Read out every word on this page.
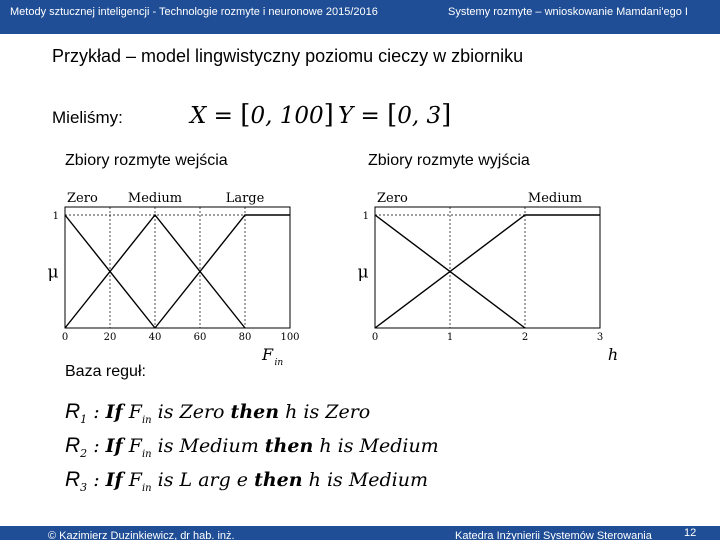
Metody sztucznej inteligencji - Technologie rozmyte i neuronowe 2015/2016	Systemy rozmyte – wnioskowanie Mamdani'ego I
Przykład – model lingwistyczny poziomu cieczy w zbiorniku
Mieliśmy:	X = [0, 100] Y = [0, 3]
Zbiory rozmyte wejścia	Zbiory rozmyte wyjścia
0	20	40	60	80	100
1
μ
F in
Zero Medium	Large
0	1	2	3
1
μ
h
Zero	Medium
Baza reguł:
$R_1$ : If $F_{in}$ is Zero then h is Zero
$R_2$ : If $F_{in}$ is Medium then h is Medium
$R_3$ : If $F_{in}$ is L arg e then h is Medium
© Kazimierz Duzinkiewicz, dr hab. inż.	Katedra Inżynierii Systemów Sterowania	12
